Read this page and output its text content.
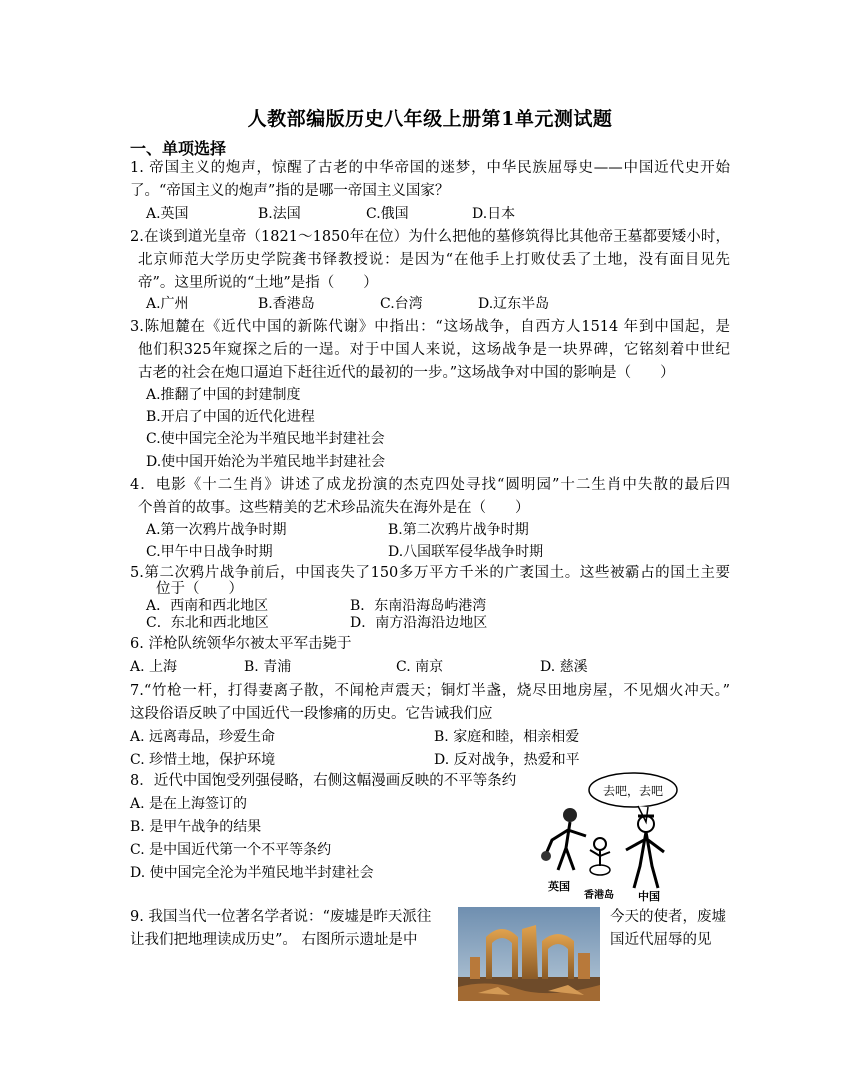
人教部编版历史八年级上册第1单元测试题
一、单项选择
1. 帝国主义的炮声，惊醒了古老的中华帝国的迷梦，中华民族屈辱史——中国近代史开始
了。“帝国主义的炮声”指的是哪一帝国主义国家？
A.英国	B.法国	C.俄国	D.日本
2.在谈到道光皇帝（1821～1850年在位）为什么把他的墓修筑得比其他帝王墓都要矮小时，
北京师范大学历史学院龚书铎教授说：是因为“在他手上打败仗丢了土地，没有面目见先
帝”。这里所说的“土地”是指（　　）
A.广州	B.香港岛	C.台湾	D.辽东半岛
3.陈旭麓在《近代中国的新陈代谢》中指出：“这场战争，自西方人1514 年到中国起，是
他们积325年窥探之后的一逞。对于中国人来说，这场战争是一块界碑，它铭刻着中世纪
古老的社会在炮口逼迫下赶往近代的最初的一步。”这场战争对中国的影响是（　　）
A.推翻了中国的封建制度
B.开启了中国的近代化进程
C.使中国完全沦为半殖民地半封建社会
D.使中国开始沦为半殖民地半封建社会
4．电影《十二生肖》讲述了成龙扮演的杰克四处寻找“圆明园”十二生肖中失散的最后四
个兽首的故事。这些精美的艺术珍品流失在海外是在（　　）
A.第一次鸦片战争时期	B.第二次鸦片战争时期
C.甲午中日战争时期	D.八国联军侵华战争时期
5.第二次鸦片战争前后，中国丧失了150多万平方千米的广袤国土。这些被霸占的国土主要
位于（　　）
A．西南和西北地区	B．东南沿海岛屿港湾
C．东北和西北地区	D．南方沿海沿边地区
6. 洋枪队统领华尔被太平军击毙于
A. 上海	B. 青浦	C. 南京	D. 慈溪
7.“竹枪一杆，打得妻离子散，不闻枪声震天；铜灯半盏，烧尽田地房屋，不见烟火冲天。”
这段俗语反映了中国近代一段惨痛的历史。它告诫我们应
A. 远离毒品，珍爱生命	B. 家庭和睦，相亲相爱
C. 珍惜土地，保护环境	D. 反对战争，热爱和平
8．近代中国饱受列强侵略，右侧这幅漫画反映的不平等条约
A. 是在上海签订的
B. 是甲午战争的结果
C. 是中国近代第一个不平等条约
D. 使中国完全沦为半殖民地半封建社会
去吧，去吧
英国
香港岛 中国
9. 我国当代一位著名学者说：“废墟是昨天派往	今天的使者，废墟
让我们把地理读成历史”。 右图所示遗址是中	国近代屈辱的见
